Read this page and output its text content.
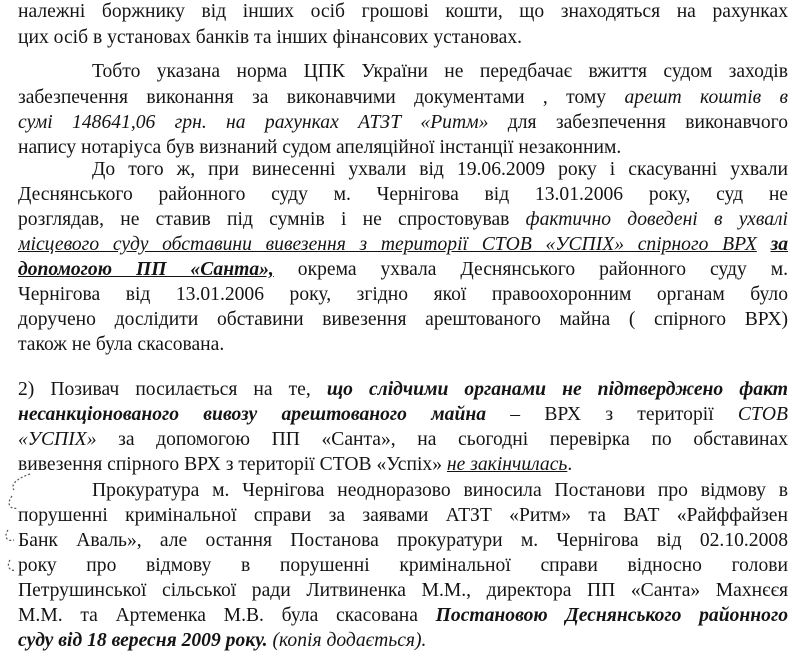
належні боржнику від інших осіб грошові кошти, що знаходяться на рахунках
цих осіб в установах банків та інших фінансових установах.
Тобто указана норма ЦПК України не передбачає вжиття судом заходів
забезпечення виконання за виконавчими документами , тому арешт коштів в
сумі 148641,06 грн. на рахунках АТЗТ «Ритм» для забезпечення виконавчого
напису нотаріуса був визнаний судом апеляційної інстанції незаконним.
До того ж, при винесенні ухвали від 19.06.2009 року і скасуванні ухвали
Деснянського районного суду м. Чернігова від 13.01.2006 року, суд не
розглядав, не ставив під сумнів і не спростовував фактично доведені в ухвалі
місцевого суду обставини вивезення з території СТОВ «УСПІХ» спірного ВРХ за
допомогою ПП «Санта», окрема ухвала Деснянського районного суду м.
Чернігова від 13.01.2006 року, згідно якої правоохоронним органам було
доручено дослідити обставини вивезення арештованого майна ( спірного ВРХ)
також не була скасована.
2) Позивач посилається на те, що слідчими органами не підтверджено факт
несанкціонованого вивозу арештованого майна – ВРХ з території СТОВ
«УСПІХ» за допомогою ПП «Санта», на сьогодні перевірка по обставинах
вивезення спірного ВРХ з території СТОВ «Успіх» не закінчилась.
Прокуратура м. Чернігова неодноразово виносила Постанови про відмову в
порушенні кримінальної справи за заявами АТЗТ «Ритм» та ВАТ «Райффайзен
Банк Аваль», але остання Постанова прокуратури м. Чернігова від 02.10.2008
року про відмову в порушенні кримінальної справи відносно голови
Петрушинської сільської ради Литвиненка М.М., директора ПП «Санта» Махнєєя
М.М. та Артеменка М.В. була скасована Постановою Деснянського районного
суду від 18 вересня 2009 року. (копія додається).
